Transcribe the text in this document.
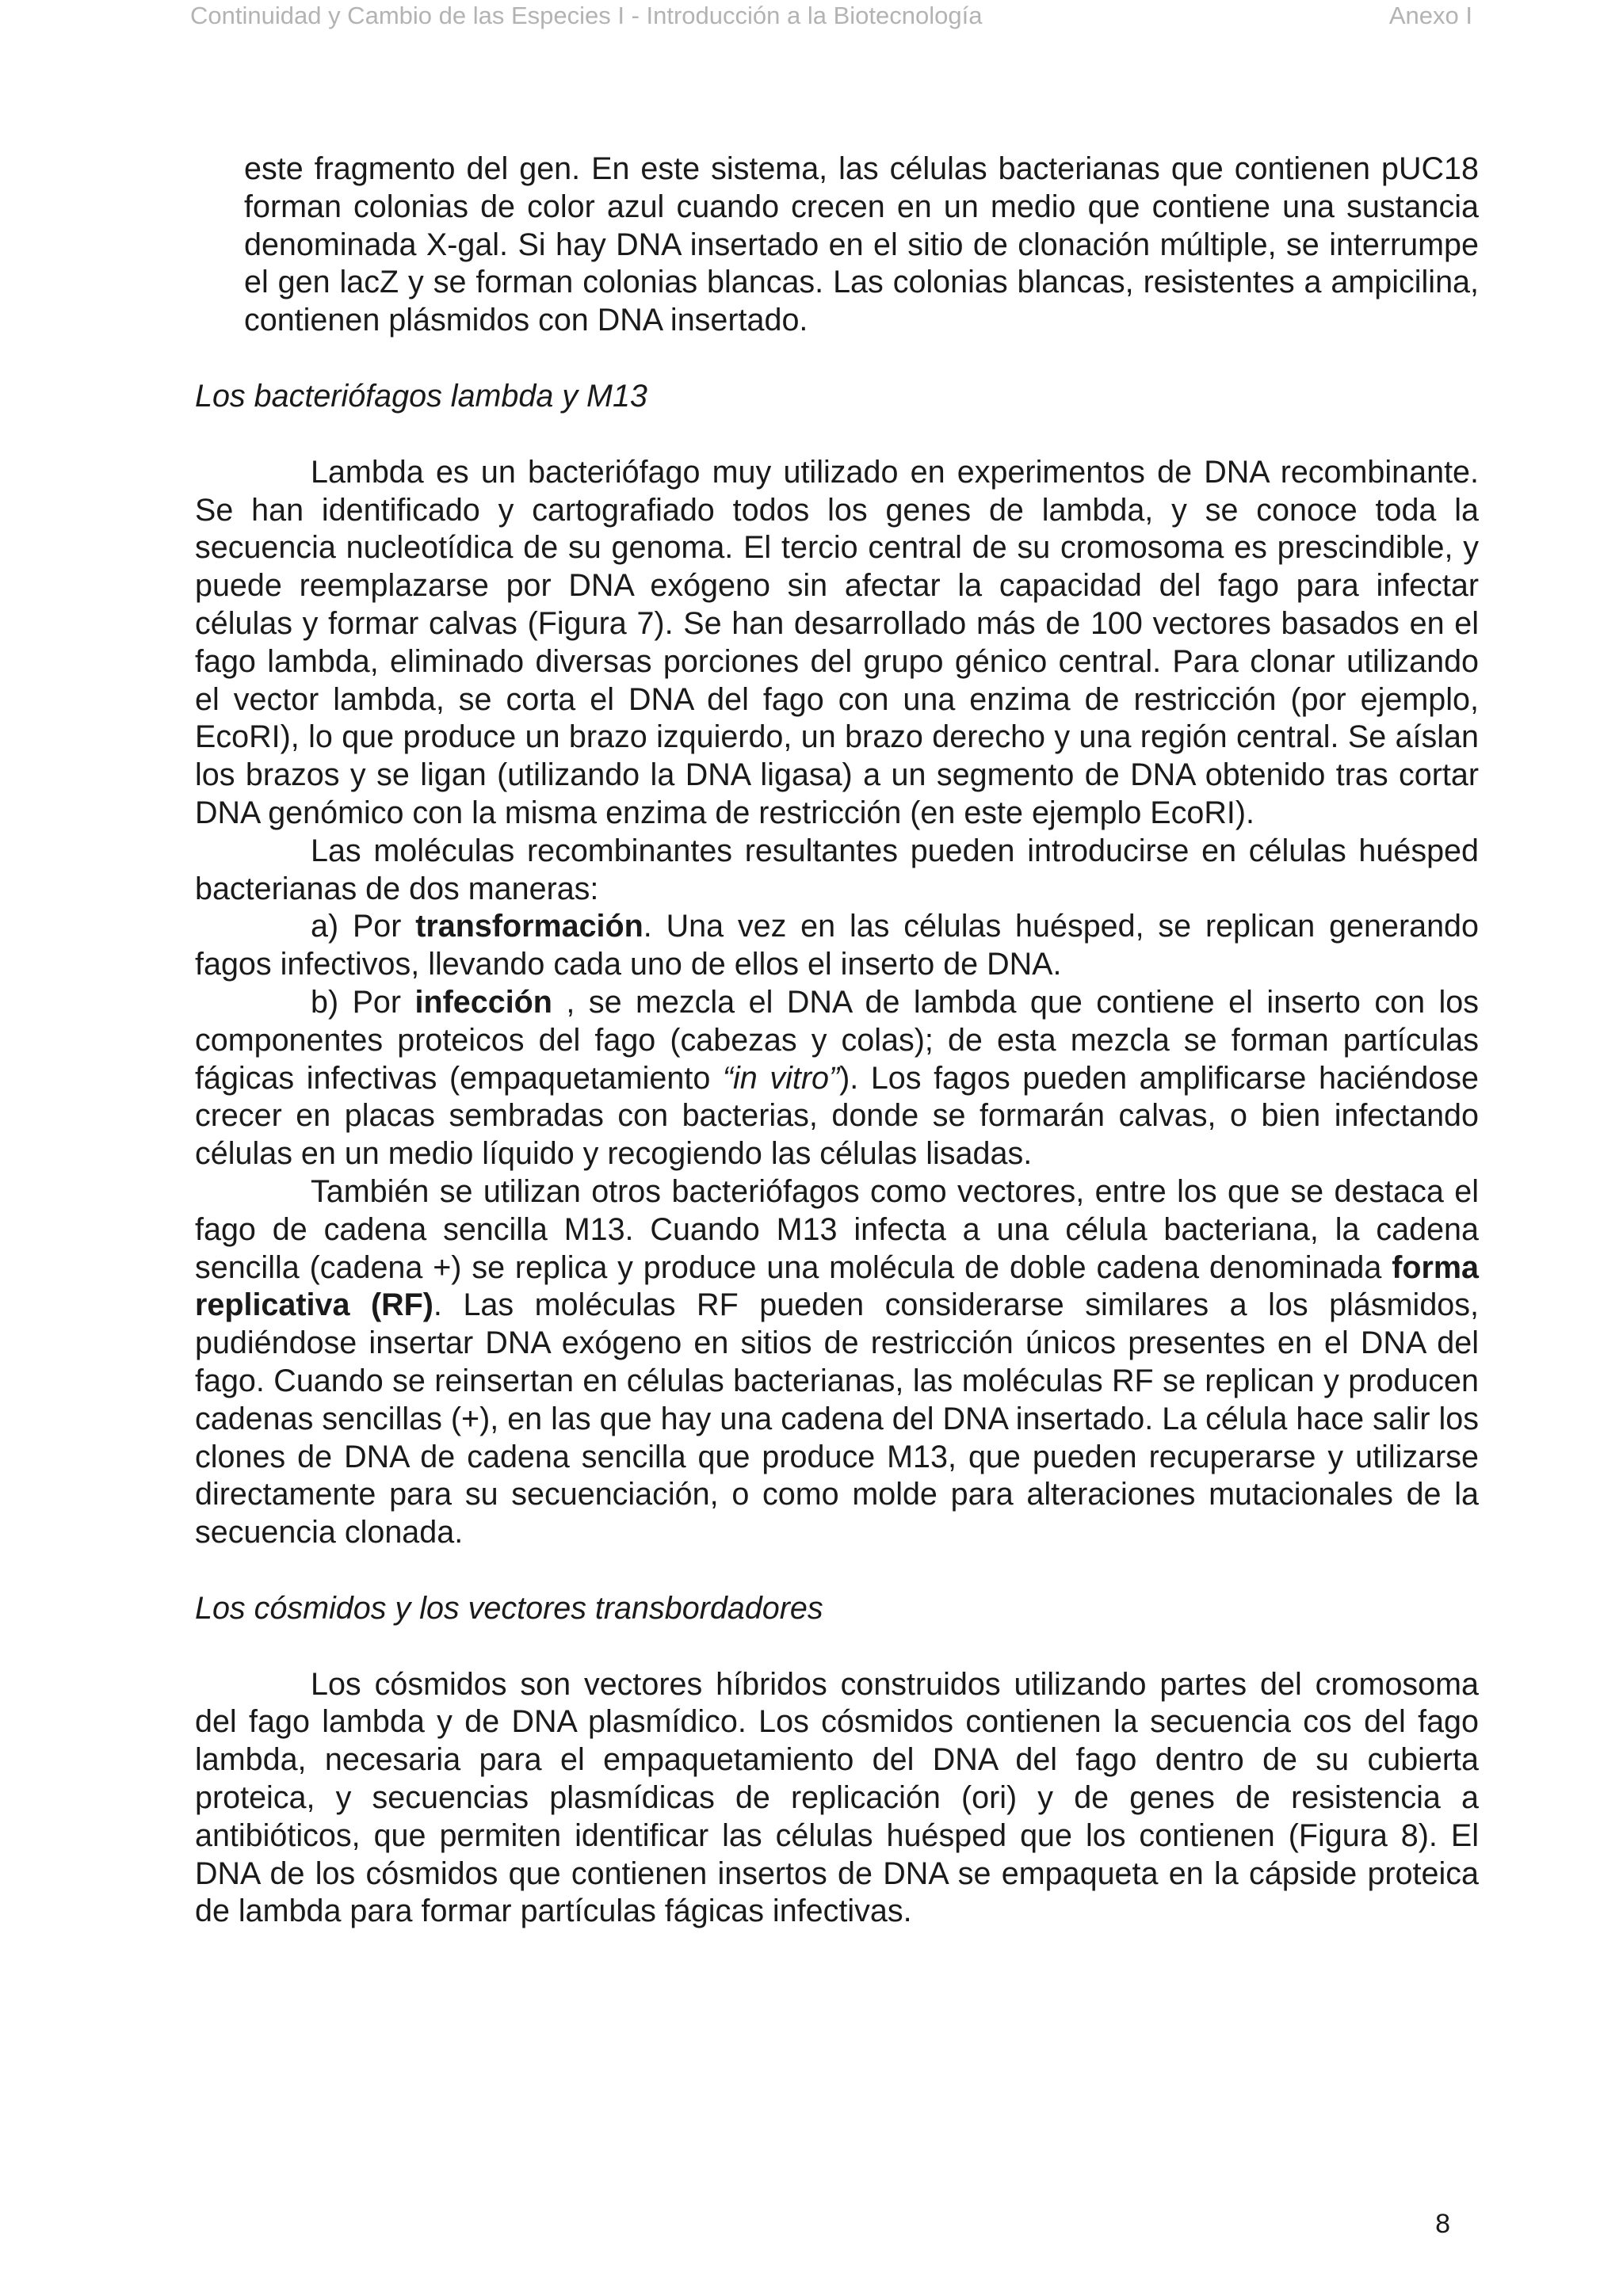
Continuidad y Cambio de las Especies I - Introducción a la Biotecnología	Anexo I

este fragmento del gen. En este sistema, las células bacterianas que contienen pUC18 forman colonias de color azul cuando crecen en un medio que contiene una sustancia denominada X-gal. Si hay DNA insertado en el sitio de clonación múltiple, se interrumpe el gen lacZ y se forman colonias blancas. Las colonias blancas, resistentes a ampicilina, contienen plásmidos con DNA insertado.

Los bacteriófagos lambda y M13

Lambda es un bacteriófago muy utilizado en experimentos de DNA recombinante. Se han identificado y cartografiado todos los genes de lambda, y se conoce toda la secuencia nucleotídica de su genoma. El tercio central de su cromosoma es prescindible, y puede reemplazarse por DNA exógeno sin afectar la capacidad del fago para infectar células y formar calvas (Figura 7). Se han desarrollado más de 100 vectores basados en el fago lambda, eliminado diversas porciones del grupo génico central. Para clonar utilizando el vector lambda, se corta el DNA del fago con una enzima de restricción (por ejemplo, EcoRI), lo que produce un brazo izquierdo, un brazo derecho y una región central. Se aíslan los brazos y se ligan (utilizando la DNA ligasa) a un segmento de DNA obtenido tras cortar DNA genómico con la misma enzima de restricción (en este ejemplo EcoRI).

Las moléculas recombinantes resultantes pueden introducirse en células huésped bacterianas de dos maneras:

a) Por transformación. Una vez en las células huésped, se replican generando fagos infectivos, llevando cada uno de ellos el inserto de DNA.

b) Por infección , se mezcla el DNA de lambda que contiene el inserto con los componentes proteicos del fago (cabezas y colas); de esta mezcla se forman partículas fágicas infectivas (empaquetamiento “in vitro”). Los fagos pueden amplificarse haciéndose crecer en placas sembradas con bacterias, donde se formarán calvas, o bien infectando células en un medio líquido y recogiendo las células lisadas.

También se utilizan otros bacteriófagos como vectores, entre los que se destaca el fago de cadena sencilla M13. Cuando M13 infecta a una célula bacteriana, la cadena sencilla (cadena +) se replica y produce una molécula de doble cadena denominada forma replicativa (RF). Las moléculas RF pueden considerarse similares a los plásmidos, pudiéndose insertar DNA exógeno en sitios de restricción únicos presentes en el DNA del fago. Cuando se reinsertan en células bacterianas, las moléculas RF se replican y producen cadenas sencillas (+), en las que hay una cadena del DNA insertado. La célula hace salir los clones de DNA de cadena sencilla que produce M13, que pueden recuperarse y utilizarse directamente para su secuenciación, o como molde para alteraciones mutacionales de la secuencia clonada.

Los cósmidos y los vectores transbordadores

Los cósmidos son vectores híbridos construidos utilizando partes del cromosoma del fago lambda y de DNA plasmídico. Los cósmidos contienen la secuencia cos del fago lambda, necesaria para el empaquetamiento del DNA del fago dentro de su cubierta proteica, y secuencias plasmídicas de replicación (ori) y de genes de resistencia a antibióticos, que permiten identificar las células huésped que los contienen (Figura 8). El DNA de los cósmidos que contienen insertos de DNA se empaqueta en la cápside proteica de lambda para formar partículas fágicas infectivas.

8
